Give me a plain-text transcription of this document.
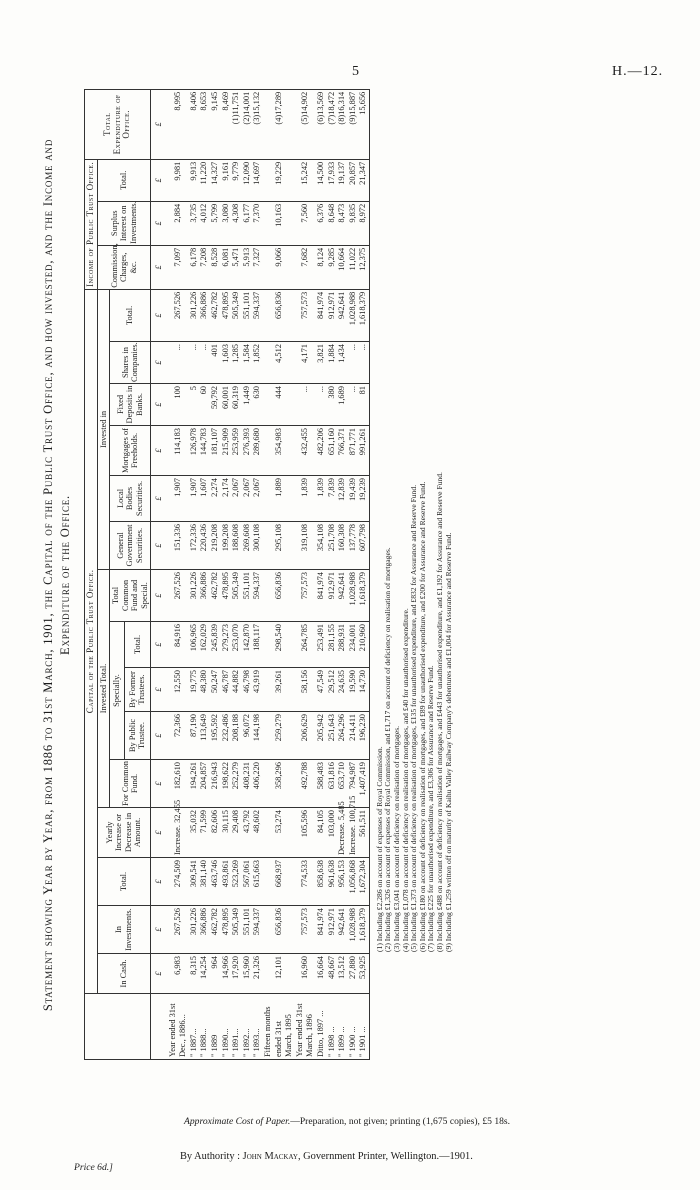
5	H.—12.
Statement showing Year by Year, from 1886 to 31st March, 1901, the Capital of the Public Trust Office, and how invested, and the Income and Expenditure of the Office.
	Capital of the Public Trust Office.															Income of Public Trust Office.			Total Expenditure of Office.
	In Cash.	In Investments.	Total.	Yearly Increase or Decrease in Amount.	Invested Total.					Invested in						Commission, Charges, &c.	Surplus Interest on Investments.	Total.	
					For Common Fund.	Specially.			Total Common Fund and Special.	General Government Securities.	Local Bodies Securities.	Mortgages of Freeholds.	Fixed Deposits in Banks.	Shares in Companies.	Total.				
						By Public Trustee.	By Former Trustees.	Total.											
	£	£	£	£	£	£	£	£	£	£	£	£	£	£	£	£	£	£	£
Year ended 31st Dec., 1886...	6,983	267,526	274,509	Increase. 32,455	182,610	72,366	12,550	84,916	267,526	151,336	1,907	114,183	100	...	267,526	7,097	2,884	9,981	8,995
" 1887...	8,315	301,226	309,541	35,032	194,261	87,190	19,775	106,965	301,226	172,336	1,907	126,978	5	...	301,226	6,178	3,735	9,913	8,406
" 1888...	14,254	366,886	381,140	71,599	204,857	113,649	48,380	162,029	366,886	220,436	1,607	144,783	60	...	366,886	7,208	4,012	11,220	8,653
" 1889	964	462,782	463,746	82,606	216,943	195,592	50,247	245,839	462,782	219,208	2,274	181,107	59,792	401	462,782	8,528	5,799	14,327	9,145
" 1890...	14,966	478,895	493,861	30,115	198,622	232,486	46,787	279,273	478,895	199,208	2,174	215,909	60,001	1,603	478,895	6,081	3,080	9,161	8,469
" 1891...	17,920	505,349	523,269	29,408	252,279	208,188	44,882	253,070	505,349	188,608	2,067	253,959	60,319	1,285	505,349	5,471	4,308	9,779	(1)11,751
" 1892...	15,960	551,101	567,061	43,792	408,231	96,072	46,798	142,870	551,101	269,608	2,067	276,393	1,449	1,584	551,101	5,913	6,177	12,090	(2)14,001
" 1893...	21,326	594,337	615,663	48,602	406,220	144,198	43,919	188,117	594,337	300,108	2,067	289,680	630	1,852	594,337	7,327	7,370	14,697	(3)15,132
Fifteen months ended 31st March, 1895	12,101	656,836	668,937	53,274	358,296	259,279	39,261	298,540	656,836	295,108	1,889	354,983	444	4,512	656,836	9,066	10,163	19,229	(4)17,289
Year ended 31st March, 1896	16,960	757,573	774,533	105,596	492,788	206,629	58,156	264,785	757,573	319,108	1,839	432,455	...	4,171	757,573	7,682	7,560	15,242	(5)14,902
Ditto, 1897 ...	16,664	841,974	858,638	84,105	588,483	205,942	47,549	253,491	841,974	354,108	1,839	482,206	...	3,821	841,974	8,124	6,376	14,500	(6)13,569
" 1898 ...	48,667	912,971	961,638	103,000	631,816	251,643	29,512	281,155	912,971	251,708	7,839	651,160	380	1,884	912,971	9,285	8,648	17,933	(7)18,472
" 1899 ...	13,512	942,641	956,153	Decrease. 5,485	653,710	264,296	24,635	288,931	942,641	160,308	12,839	766,371	1,689	1,434	942,641	10,664	8,473	19,137	(8)16,314
" 1900 ...	27,880	1,028,988	1,056,868	Increase. 100,715	794,987	214,411	19,590	234,001	1,028,988	137,778	19,439	871,771	...	...	1,028,988	11,022	9,835	20,857	(9)15,887
" 1901 ...	53,925	1,618,379	1,672,304	561,511	1,407,419	196,230	14,730	210,960	1,618,379	607,798	19,239	991,261	81	...	1,618,379	12,375	8,972	21,347	15,656
(1) Including £2,286 on account of expenses of Royal Commission. (2) Including £1,326 on account of expenses of Royal Commission, and £1,717 on account of deficiency on realisation of mortgages. (3) Including £3,041 on account of deficiency on realisation of mortgages. (4) Including £1,078 on account of deficiency on realisation of mortgages, and £40 for unauthorised expenditure. (5) Including £1,373 on account of deficiency on realisation of mortgages, £135 for unauthorised expenditure, and £832 for Assurance and Reserve Fund. (6) Including £180 on account of deficiency on realisation of mortgages, and £89 for unauthorised expenditure, and £200 for Assurance and Reserve Fund. (7) Including £225 for unauthorised expenditure, and £3,306 for Assurance and Reserve Fund. (8) Including £488 on account of deficiency on realisation of mortgages, and £443 for unauthorised expenditure, and £1,192 for Assurance and Reserve Fund. (9) Including £1,259 written off on maturity of Kaihu Valley Railway Company's debentures and £1,004 for Assurance and Reserve Fund.
Approximate Cost of Paper.—Preparation, not given; printing (1,675 copies), £5 18s.
By Authority : John Mackay, Government Printer, Wellington.—1901.
Price 6d.]
